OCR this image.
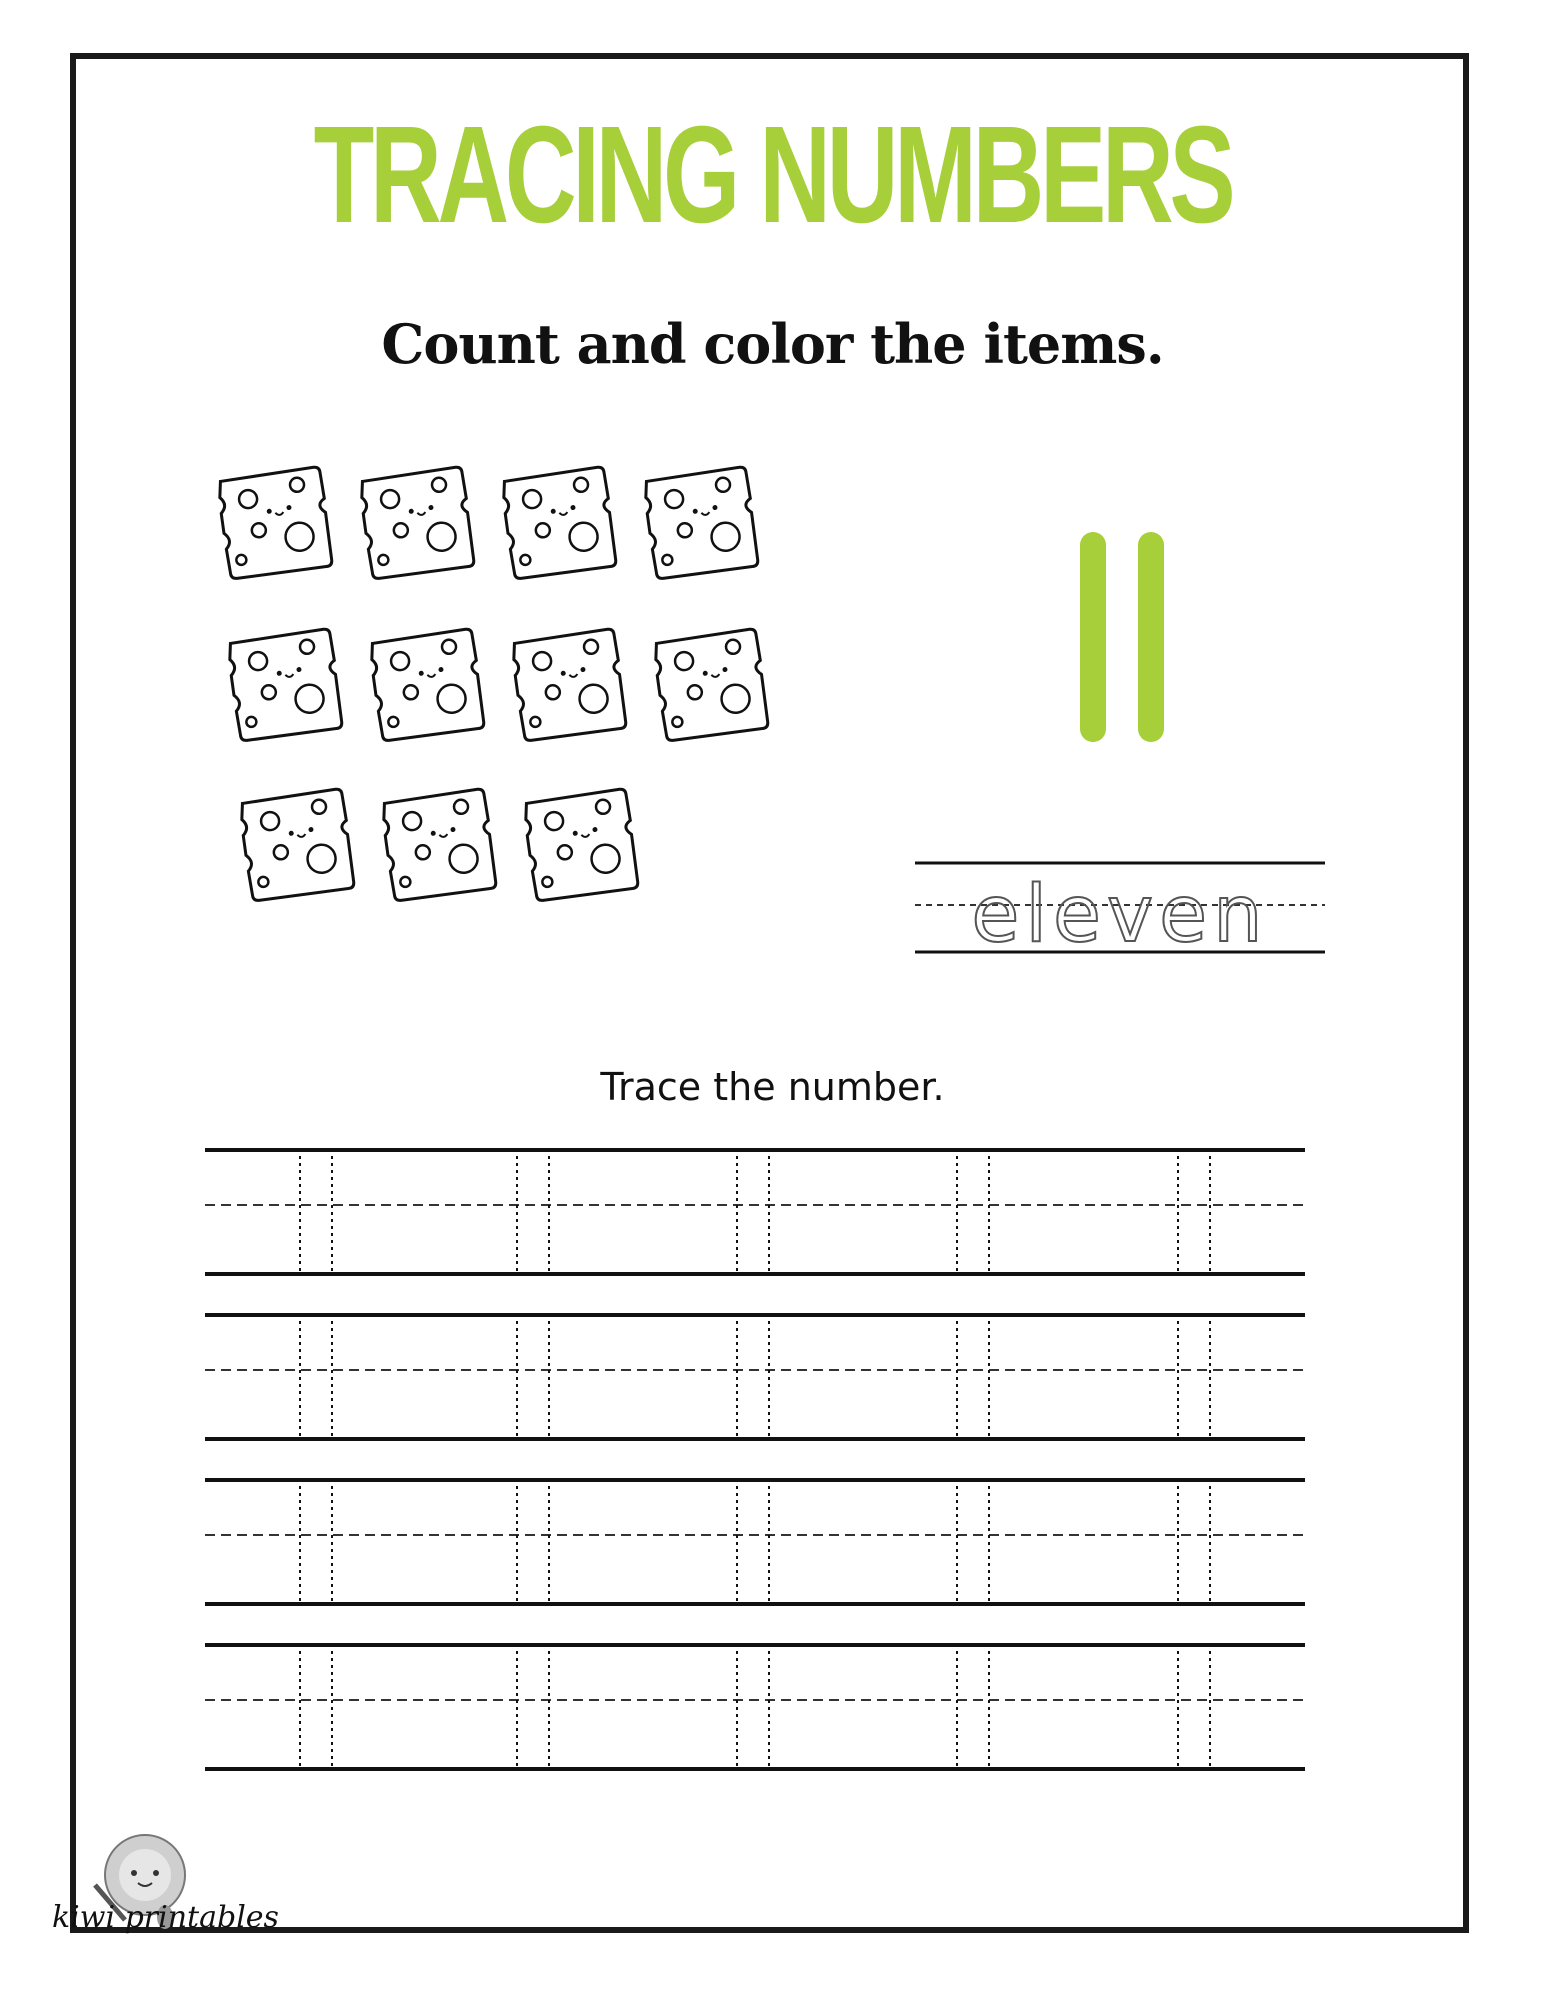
TRACING NUMBERS
Count and color the items.
eleven
Trace the number.
kiwi printables
